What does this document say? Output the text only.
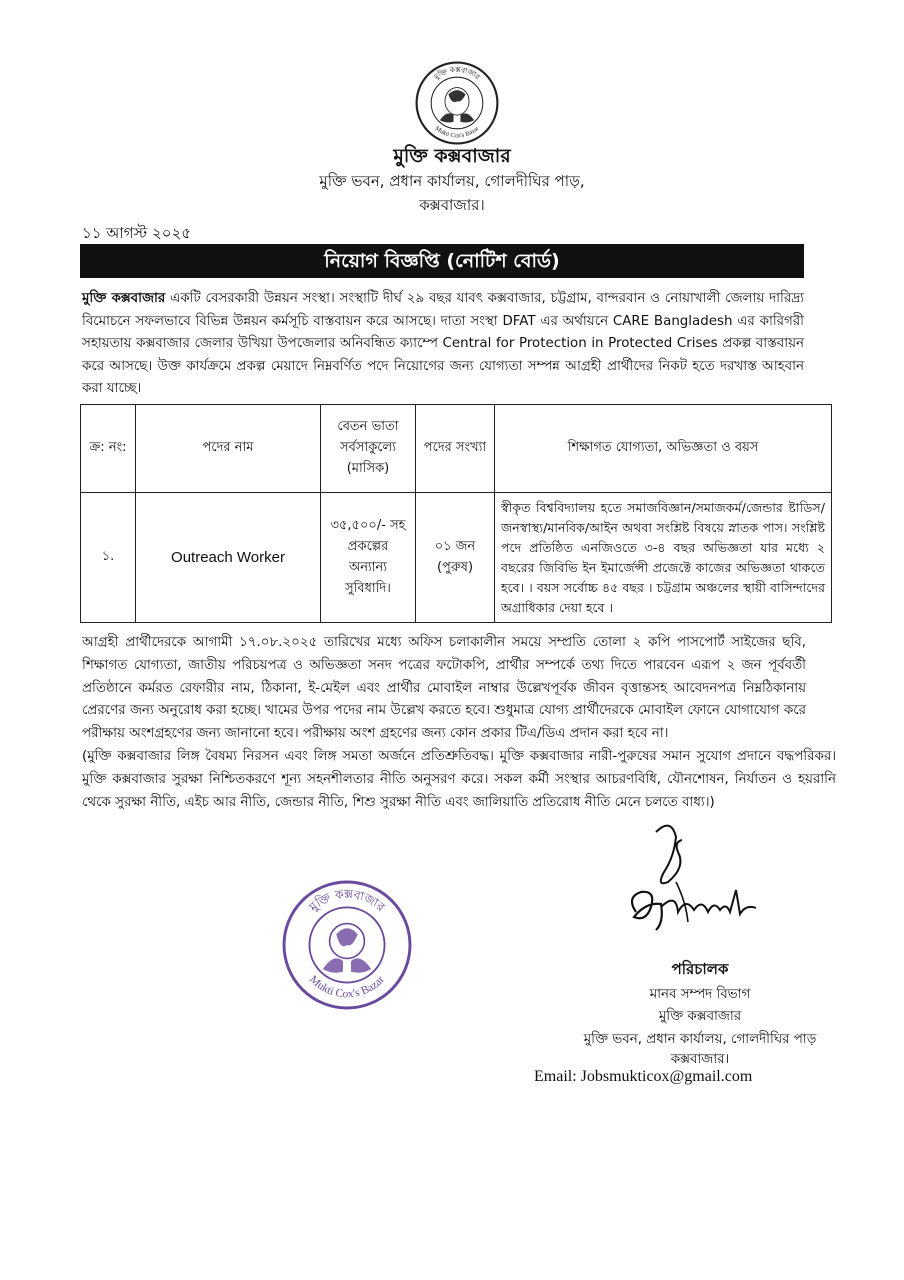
মুক্তি কক্সবাজার
Mukti Cox's Bazar
মুক্তি কক্সবাজার
মুক্তি ভবন, প্রধান কার্যালয়, গোলদীঘির পাড়,
কক্সবাজার।
১১ আগস্ট ২০২৫
নিয়োগ বিজ্ঞপ্তি (নোটিশ বোর্ড)
মুক্তি কক্সবাজার একটি বেসরকারী উন্নয়ন সংস্থা। সংস্থাটি দীর্ঘ ২৯ বছর যাবৎ কক্সবাজার, চট্টগ্রাম, বান্দরবান ও নোয়াখালী জেলায় দারিদ্র্য বিমোচনে সফলভাবে বিভিন্ন উন্নয়ন কর্মসূচি বাস্তবায়ন করে আসছে। দাতা সংস্থা DFAT এর অর্থায়নে CARE Bangladesh এর কারিগরী সহায়তায় কক্সবাজার জেলার উখিয়া উপজেলার অনিবন্ধিত ক্যাম্পে Central for Protection in Protected Crises প্রকল্প বাস্তবায়ন করে আসছে। উক্ত কার্যক্রমে প্রকল্প মেয়াদে নিম্নবর্ণিত পদে নিয়োগের জন্য যোগ্যতা সম্পন্ন আগ্রহী প্রার্থীদের নিকট হতে দরখাস্ত আহবান করা যাচ্ছে।
ক্র: নং:	পদের নাম	বেতন ভাতা সর্বসাকুল্যে (মাসিক)	পদের সংখ্যা	শিক্ষাগত যোগ্যতা, অভিজ্ঞতা ও বয়স
১.	Outreach Worker	৩৫,৫০০/- সহ প্রকল্পের অন্যান্য সুবিধাদি।	০১ জন (পুরুষ)	স্বীকৃত বিশ্ববিদ্যালয় হতে সমাজবিজ্ঞান/সমাজকর্ম/জেন্ডার ষ্টাডিস/জনস্বাস্থ্য/মানবিক/আইন অথবা সংশ্লিষ্ট বিষয়ে স্নাতক পাস। সংশ্লিষ্ট পদে প্রতিষ্ঠিত এনজিওতে ৩-৪ বছর অভিজ্ঞতা যার মধ্যে ২ বছরের জিবিভি ইন ইমার্জেন্সী প্রজেক্টে কাজের অভিজ্ঞতা থাকতে হবে। । বয়স সর্বোচ্চ ৪৫ বছর । চট্টগ্রাম অঞ্চলের স্থায়ী বাসিন্দাদের অগ্রাধিকার দেয়া হবে ।
আগ্রহী প্রার্থীদেরকে আগামী ১৭.০৮.২০২৫ তারিখের মধ্যে অফিস চলাকালীন সময়ে সম্প্রতি তোলা ২ কপি পাসপোর্ট সাইজের ছবি, শিক্ষাগত যোগ্যতা, জাতীয় পরিচয়পত্র ও অভিজ্ঞতা সনদ পত্রের ফটোকপি, প্রার্থীর সম্পর্কে তথ্য দিতে পারবেন এরূপ ২ জন পূর্ববর্তী প্রতিষ্ঠানে কর্মরত রেফারীর নাম, ঠিকানা, ই-মেইল এবং প্রার্থীর মোবাইল নাম্বার উল্লেখপূর্বক জীবন বৃত্তান্তসহ আবেদনপত্র নিম্নঠিকানায় প্রেরণের জন্য অনুরোধ করা হচ্ছে। খামের উপর পদের নাম উল্লেখ করতে হবে। শুধুমাত্র যোগ্য প্রার্থীদেরকে মোবাইল ফোনে যোগাযোগ করে পরীক্ষায় অংশগ্রহণের জন্য জানানো হবে। পরীক্ষায় অংশ গ্রহণের জন্য কোন প্রকার টিএ/ডিএ প্রদান করা হবে না।
(মুক্তি কক্সবাজার লিঙ্গ বৈষম্য নিরসন এবং লিঙ্গ সমতা অর্জনে প্রতিশ্রুতিবদ্ধ। মুক্তি কক্সবাজার নারী-পুরুষের সমান সুযোগ প্রদানে বদ্ধপরিকর। মুক্তি কক্সবাজার সুরক্ষা নিশ্চিতকরণে শূন্য সহনশীলতার নীতি অনুসরণ করে। সকল কর্মী সংস্থার আচরণবিধি, যৌনশোষন, নির্যাতন ও হয়রানি থেকে সুরক্ষা নীতি, এইচ আর নীতি, জেন্ডার নীতি, শিশু সুরক্ষা নীতি এবং জালিয়াতি প্রতিরোধ নীতি মেনে চলতে বাধ্য।)
মুক্তি কক্সবাজার
Mukti Cox's Bazar
পরিচালক
মানব সম্পদ বিভাগ
মুক্তি কক্সবাজার
মুক্তি ভবন, প্রধান কার্যালয়, গোলদীঘির পাড়
কক্সবাজার।
Email: Jobsmukticox@gmail.com
